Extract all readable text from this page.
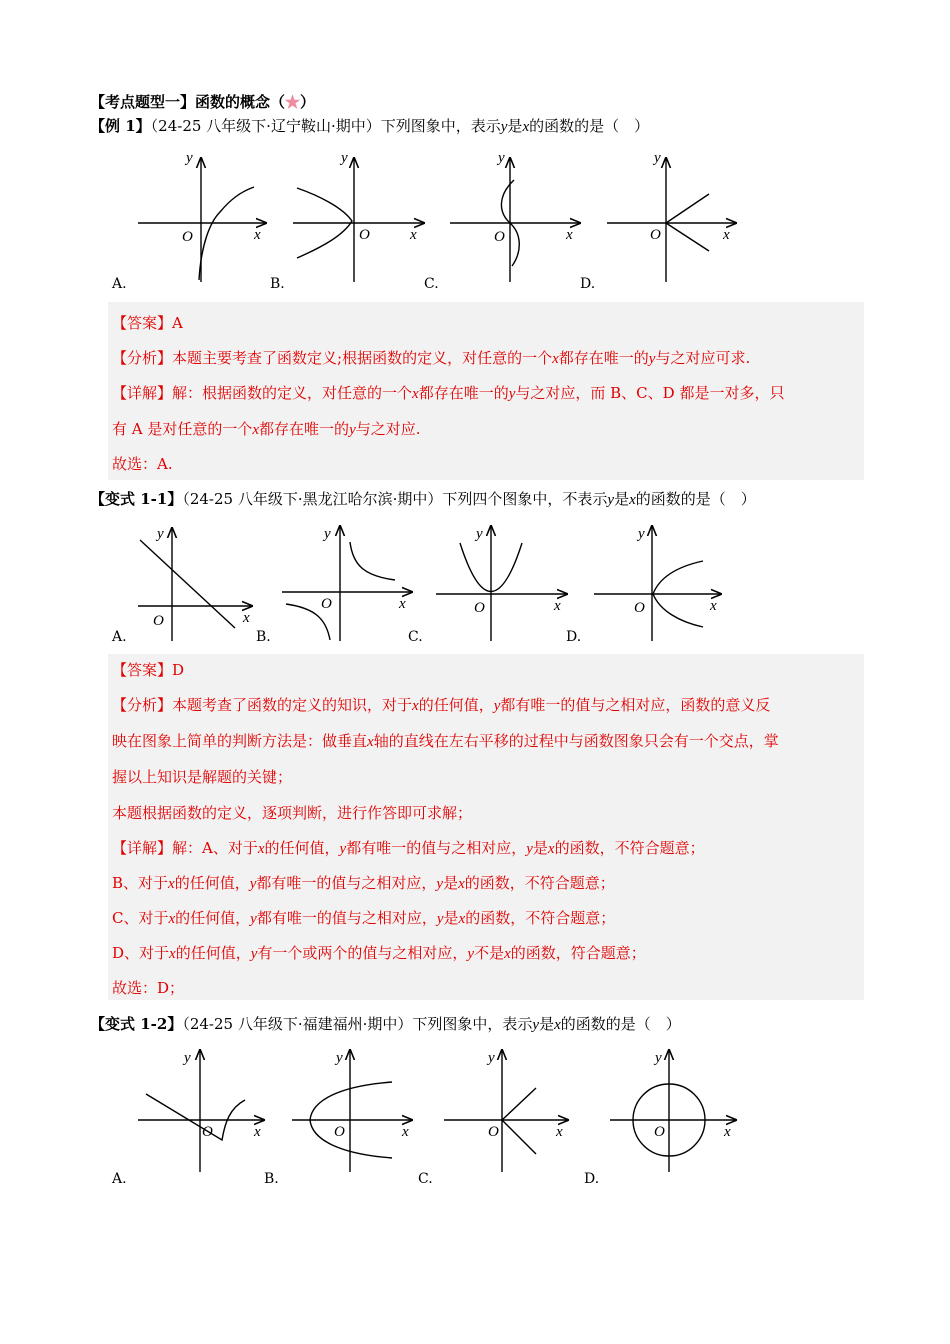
【考点题型一】函数的概念（★）
【例 1】（24-25 八年级下·辽宁鞍山·期中）下列图象中，表示y是x的函数的是（　）
y
x
O
y
x
O
y
x
O
y
x
O
A.	B.	C.	D.
【答案】A
【分析】本题主要考查了函数定义;根据函数的定义，对任意的一个x都存在唯一的y与之对应可求.
【详解】解：根据函数的定义，对任意的一个x都存在唯一的y与之对应，而 B、C、D 都是一对多，只
有 A 是对任意的一个x都存在唯一的y与之对应.
故选：A.
【变式 1-1】（24-25 八年级下·黑龙江哈尔滨·期中）下列四个图象中，不表示y是x的函数的是（　）
y
x
O
y
x
O
y
x
O
y
x
O
A.	B.	C.	D.
【答案】D
【分析】本题考查了函数的定义的知识，对于x的任何值，y都有唯一的值与之相对应，函数的意义反
映在图象上简单的判断方法是：做垂直x轴的直线在左右平移的过程中与函数图象只会有一个交点，掌
握以上知识是解题的关键；
本题根据函数的定义，逐项判断，进行作答即可求解；
【详解】解：A、对于x的任何值，y都有唯一的值与之相对应，y是x的函数，不符合题意；
B、对于x的任何值，y都有唯一的值与之相对应，y是x的函数，不符合题意；
C、对于x的任何值，y都有唯一的值与之相对应，y是x的函数，不符合题意；
D、对于x的任何值，y有一个或两个的值与之相对应，y不是x的函数，符合题意；
故选：D；
【变式 1-2】（24-25 八年级下·福建福州·期中）下列图象中，表示y是x的函数的是（　）
y
x
O
y
x
O
y
x
O
y
x
O
A.	B.	C.	D.
